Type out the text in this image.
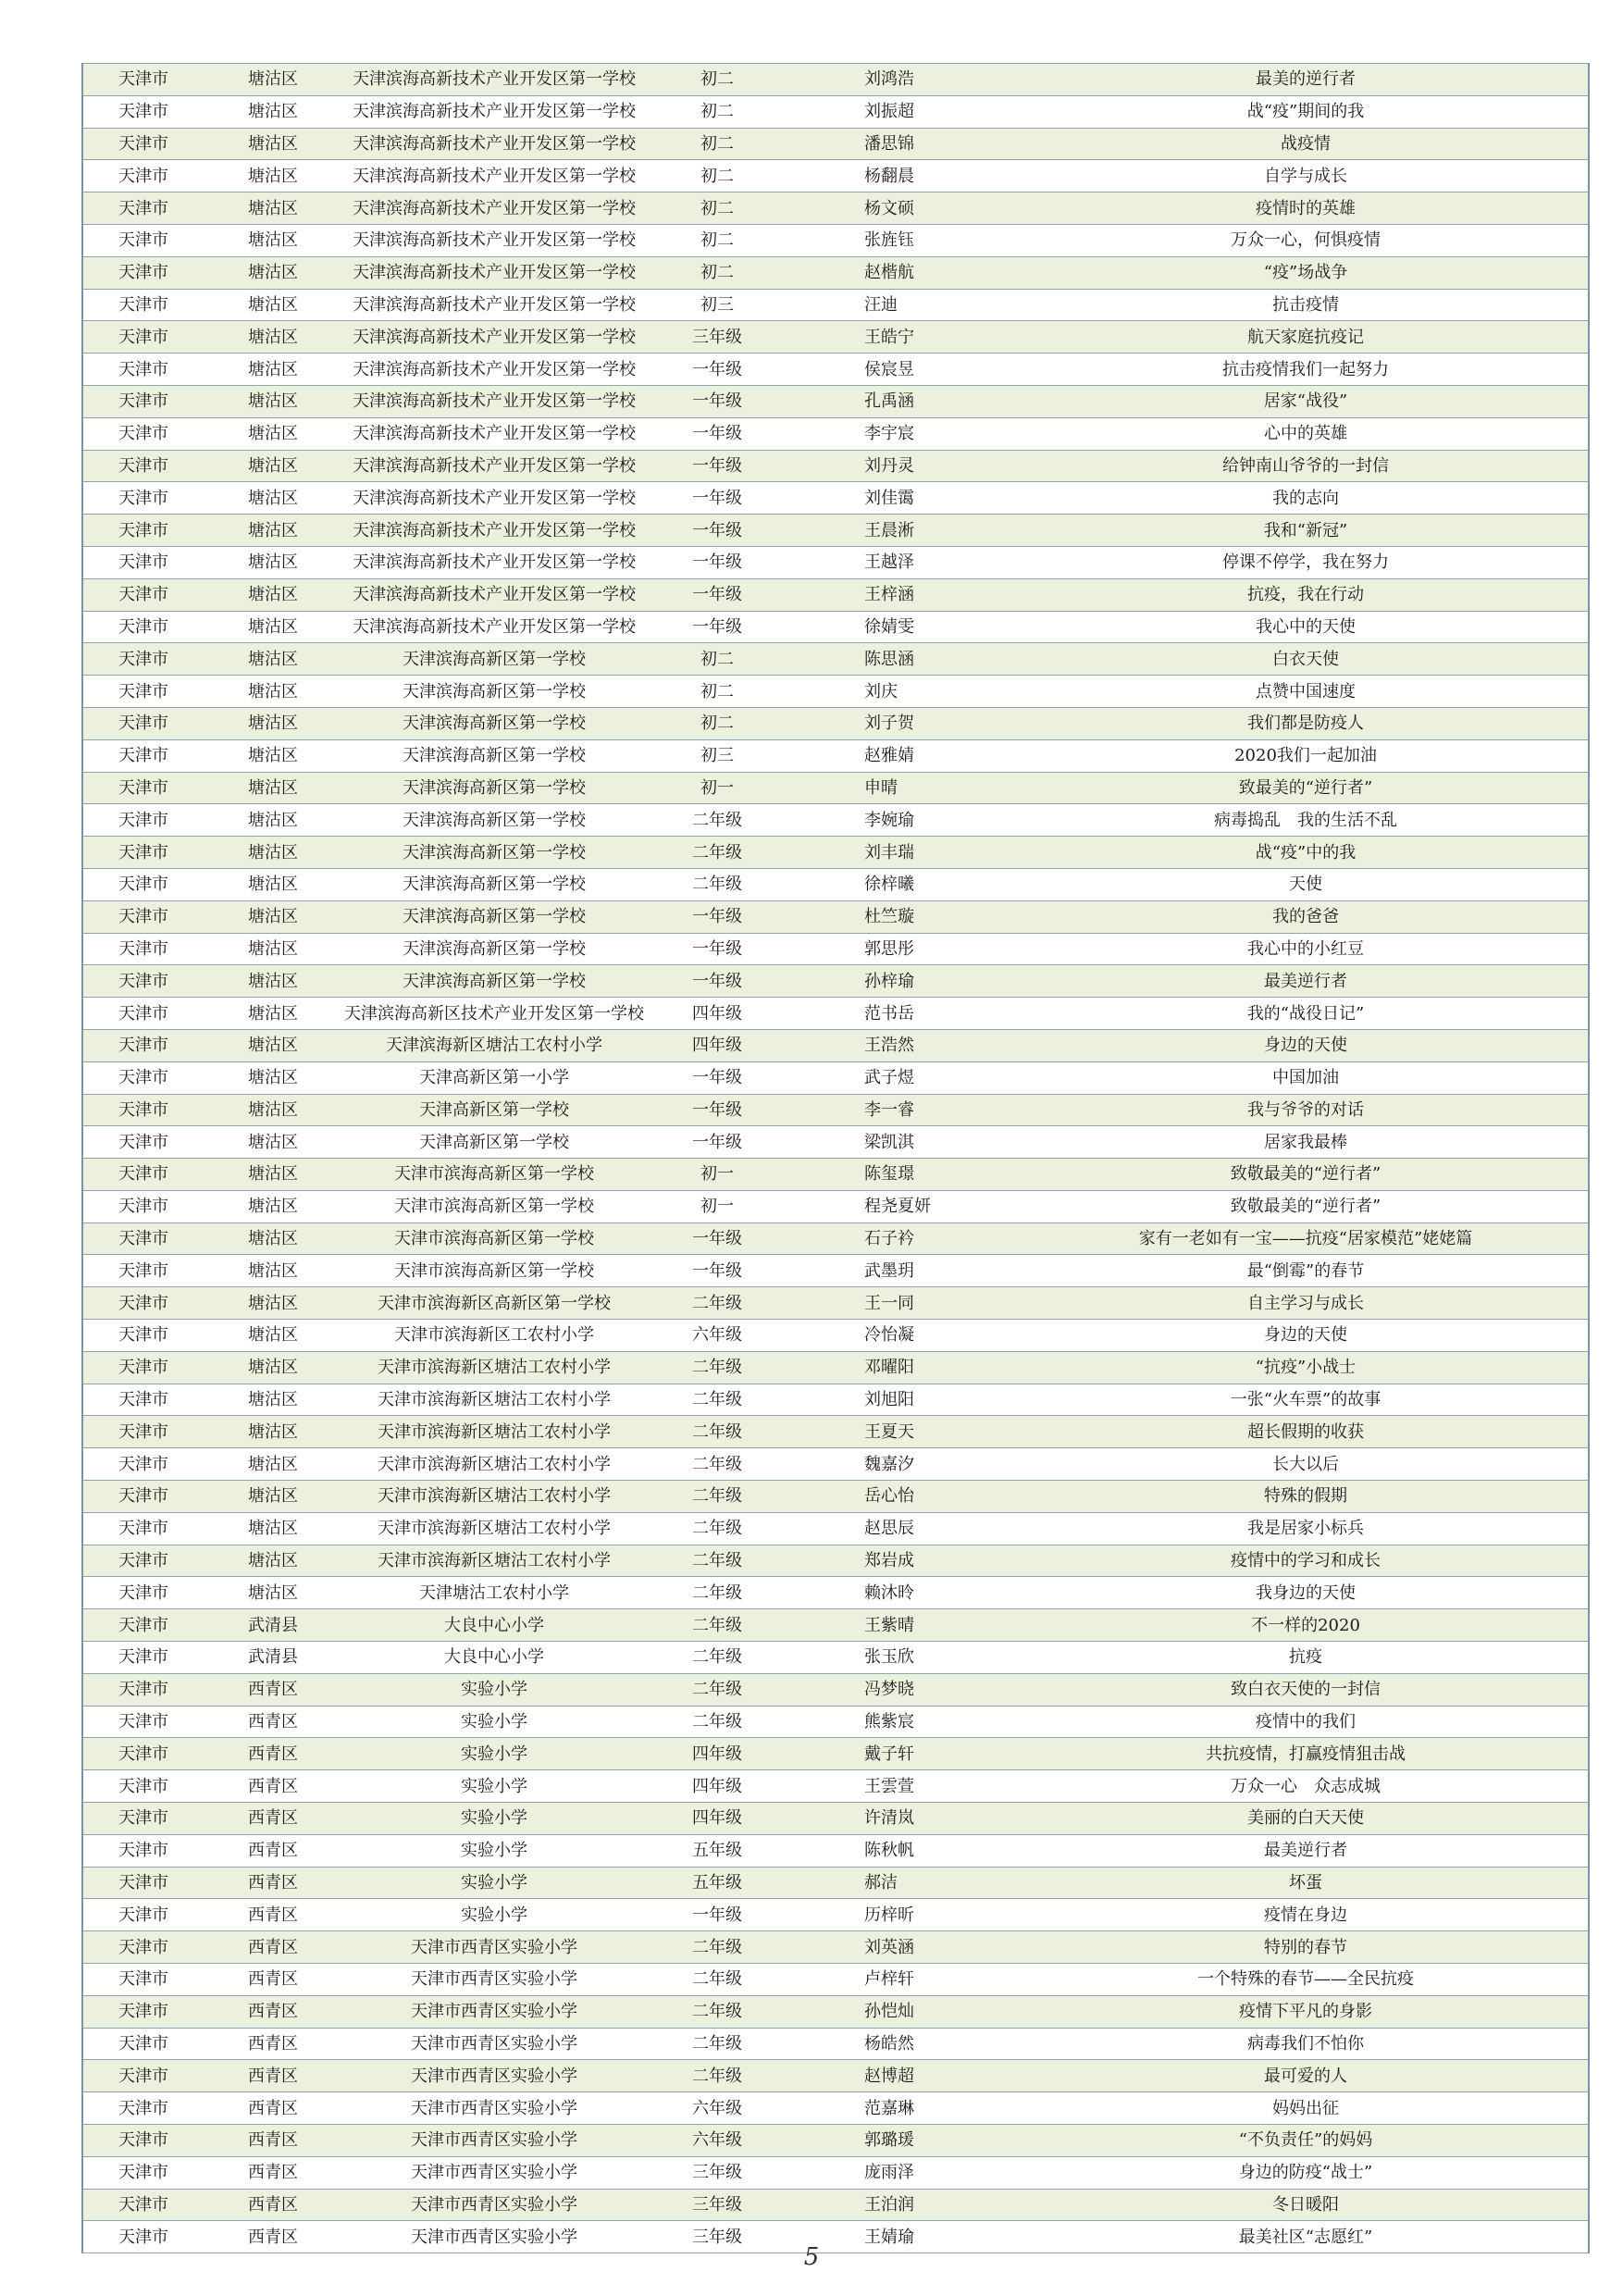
天津市	塘沽区	天津滨海高新技术产业开发区第一学校	初二	刘鸿浩	最美的逆行者
天津市	塘沽区	天津滨海高新技术产业开发区第一学校	初二	刘振超	战“疫”期间的我
天津市	塘沽区	天津滨海高新技术产业开发区第一学校	初二	潘思锦	战疫情
天津市	塘沽区	天津滨海高新技术产业开发区第一学校	初二	杨翻晨	自学与成长
天津市	塘沽区	天津滨海高新技术产业开发区第一学校	初二	杨文硕	疫情时的英雄
天津市	塘沽区	天津滨海高新技术产业开发区第一学校	初二	张旌钰	万众一心，何惧疫情
天津市	塘沽区	天津滨海高新技术产业开发区第一学校	初二	赵楷航	“疫”场战争
天津市	塘沽区	天津滨海高新技术产业开发区第一学校	初三	汪迪	抗击疫情
天津市	塘沽区	天津滨海高新技术产业开发区第一学校	三年级	王皓宁	航天家庭抗疫记
天津市	塘沽区	天津滨海高新技术产业开发区第一学校	一年级	侯宸昱	抗击疫情我们一起努力
天津市	塘沽区	天津滨海高新技术产业开发区第一学校	一年级	孔禹涵	居家“战役”
天津市	塘沽区	天津滨海高新技术产业开发区第一学校	一年级	李宇宸	心中的英雄
天津市	塘沽区	天津滨海高新技术产业开发区第一学校	一年级	刘丹灵	给钟南山爷爷的一封信
天津市	塘沽区	天津滨海高新技术产业开发区第一学校	一年级	刘佳霭	我的志向
天津市	塘沽区	天津滨海高新技术产业开发区第一学校	一年级	王晨淅	我和“新冠”
天津市	塘沽区	天津滨海高新技术产业开发区第一学校	一年级	王越泽	停课不停学，我在努力
天津市	塘沽区	天津滨海高新技术产业开发区第一学校	一年级	王梓涵	抗疫，我在行动
天津市	塘沽区	天津滨海高新技术产业开发区第一学校	一年级	徐婧雯	我心中的天使
天津市	塘沽区	天津滨海高新区第一学校	初二	陈思涵	白衣天使
天津市	塘沽区	天津滨海高新区第一学校	初二	刘庆	点赞中国速度
天津市	塘沽区	天津滨海高新区第一学校	初二	刘子贺	我们都是防疫人
天津市	塘沽区	天津滨海高新区第一学校	初三	赵雅婧	2020我们一起加油
天津市	塘沽区	天津滨海高新区第一学校	初一	申晴	致最美的“逆行者”
天津市	塘沽区	天津滨海高新区第一学校	二年级	李婉瑜	病毒捣乱　我的生活不乱
天津市	塘沽区	天津滨海高新区第一学校	二年级	刘丰瑞	战“疫”中的我
天津市	塘沽区	天津滨海高新区第一学校	二年级	徐梓曦	天使
天津市	塘沽区	天津滨海高新区第一学校	一年级	杜竺璇	我的爸爸
天津市	塘沽区	天津滨海高新区第一学校	一年级	郭思彤	我心中的小红豆
天津市	塘沽区	天津滨海高新区第一学校	一年级	孙梓瑜	最美逆行者
天津市	塘沽区	天津滨海高新区技术产业开发区第一学校	四年级	范书岳	我的“战役日记”
天津市	塘沽区	天津滨海新区塘沽工农村小学	四年级	王浩然	身边的天使
天津市	塘沽区	天津高新区第一小学	一年级	武子煜	中国加油
天津市	塘沽区	天津高新区第一学校	一年级	李一睿	我与爷爷的对话
天津市	塘沽区	天津高新区第一学校	一年级	梁凯淇	居家我最棒
天津市	塘沽区	天津市滨海高新区第一学校	初一	陈玺璟	致敬最美的“逆行者”
天津市	塘沽区	天津市滨海高新区第一学校	初一	程尧夏妍	致敬最美的“逆行者”
天津市	塘沽区	天津市滨海高新区第一学校	一年级	石子衿	家有一老如有一宝——抗疫“居家模范”姥姥篇
天津市	塘沽区	天津市滨海高新区第一学校	一年级	武墨玥	最“倒霉”的春节
天津市	塘沽区	天津市滨海新区高新区第一学校	二年级	王一同	自主学习与成长
天津市	塘沽区	天津市滨海新区工农村小学	六年级	冷怡凝	身边的天使
天津市	塘沽区	天津市滨海新区塘沽工农村小学	二年级	邓曜阳	“抗疫”小战士
天津市	塘沽区	天津市滨海新区塘沽工农村小学	二年级	刘旭阳	一张“火车票”的故事
天津市	塘沽区	天津市滨海新区塘沽工农村小学	二年级	王夏天	超长假期的收获
天津市	塘沽区	天津市滨海新区塘沽工农村小学	二年级	魏嘉汐	长大以后
天津市	塘沽区	天津市滨海新区塘沽工农村小学	二年级	岳心怡	特殊的假期
天津市	塘沽区	天津市滨海新区塘沽工农村小学	二年级	赵思辰	我是居家小标兵
天津市	塘沽区	天津市滨海新区塘沽工农村小学	二年级	郑岩成	疫情中的学习和成长
天津市	塘沽区	天津塘沽工农村小学	二年级	赖沐昤	我身边的天使
天津市	武清县	大良中心小学	二年级	王紫晴	不一样的2020
天津市	武清县	大良中心小学	二年级	张玉欣	抗疫
天津市	西青区	实验小学	二年级	冯梦晓	致白衣天使的一封信
天津市	西青区	实验小学	二年级	熊紫宸	疫情中的我们
天津市	西青区	实验小学	四年级	戴子轩	共抗疫情，打赢疫情狙击战
天津市	西青区	实验小学	四年级	王雲萱	万众一心　众志成城
天津市	西青区	实验小学	四年级	许清岚	美丽的白天天使
天津市	西青区	实验小学	五年级	陈秋帆	最美逆行者
天津市	西青区	实验小学	五年级	郝洁	坏蛋
天津市	西青区	实验小学	一年级	历梓昕	疫情在身边
天津市	西青区	天津市西青区实验小学	二年级	刘英涵	特别的春节
天津市	西青区	天津市西青区实验小学	二年级	卢梓轩	一个特殊的春节——全民抗疫
天津市	西青区	天津市西青区实验小学	二年级	孙恺灿	疫情下平凡的身影
天津市	西青区	天津市西青区实验小学	二年级	杨皓然	病毒我们不怕你
天津市	西青区	天津市西青区实验小学	二年级	赵博超	最可爱的人
天津市	西青区	天津市西青区实验小学	六年级	范嘉琳	妈妈出征
天津市	西青区	天津市西青区实验小学	六年级	郭璐瑗	“不负责任”的妈妈
天津市	西青区	天津市西青区实验小学	三年级	庞雨泽	身边的防疫“战士”
天津市	西青区	天津市西青区实验小学	三年级	王泊润	冬日暖阳
天津市	西青区	天津市西青区实验小学	三年级	王婧瑜	最美社区“志愿红”
5
